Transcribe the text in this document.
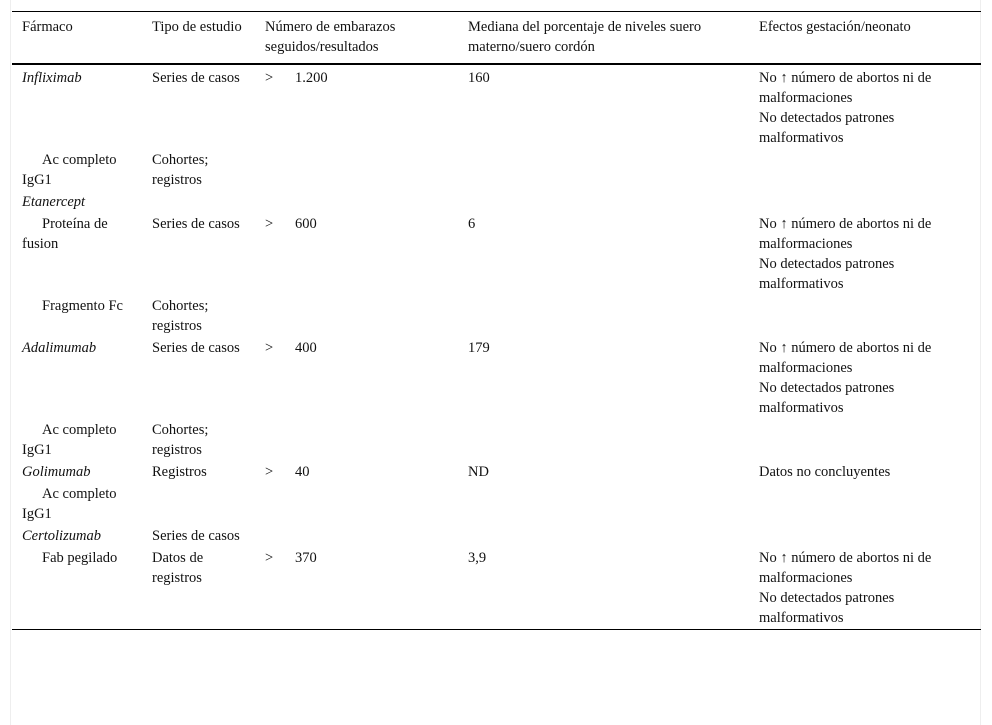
Fármaco	Tipo de estudio	Número de embarazos seguidos/resultados	Mediana del porcentaje de niveles suero materno/suero cordón	Efectos gestación/neonato
Infliximab	Series de casos	> 1.200	160	No ↑ número de abortos ni de malformaciones
No detectados patrones malformativos

Ac completo IgG1	Cohortes; registros			
Etanercept				
Proteína de fusion	Series de casos	> 600	6	No ↑ número de abortos ni de malformaciones
No detectados patrones malformativos

Fragmento Fc	Cohortes; registros			
Adalimumab	Series de casos	> 400	179	No ↑ número de abortos ni de malformaciones
No detectados patrones malformativos

Ac completo IgG1	Cohortes; registros			
Golimumab	Registros	> 40	ND	Datos no concluyentes

Ac completo IgG1				
Certolizumab	Series de casos			
Fab pegilado	Datos de registros	> 370	3,9	No ↑ número de abortos ni de malformaciones
No detectados patrones malformativos
